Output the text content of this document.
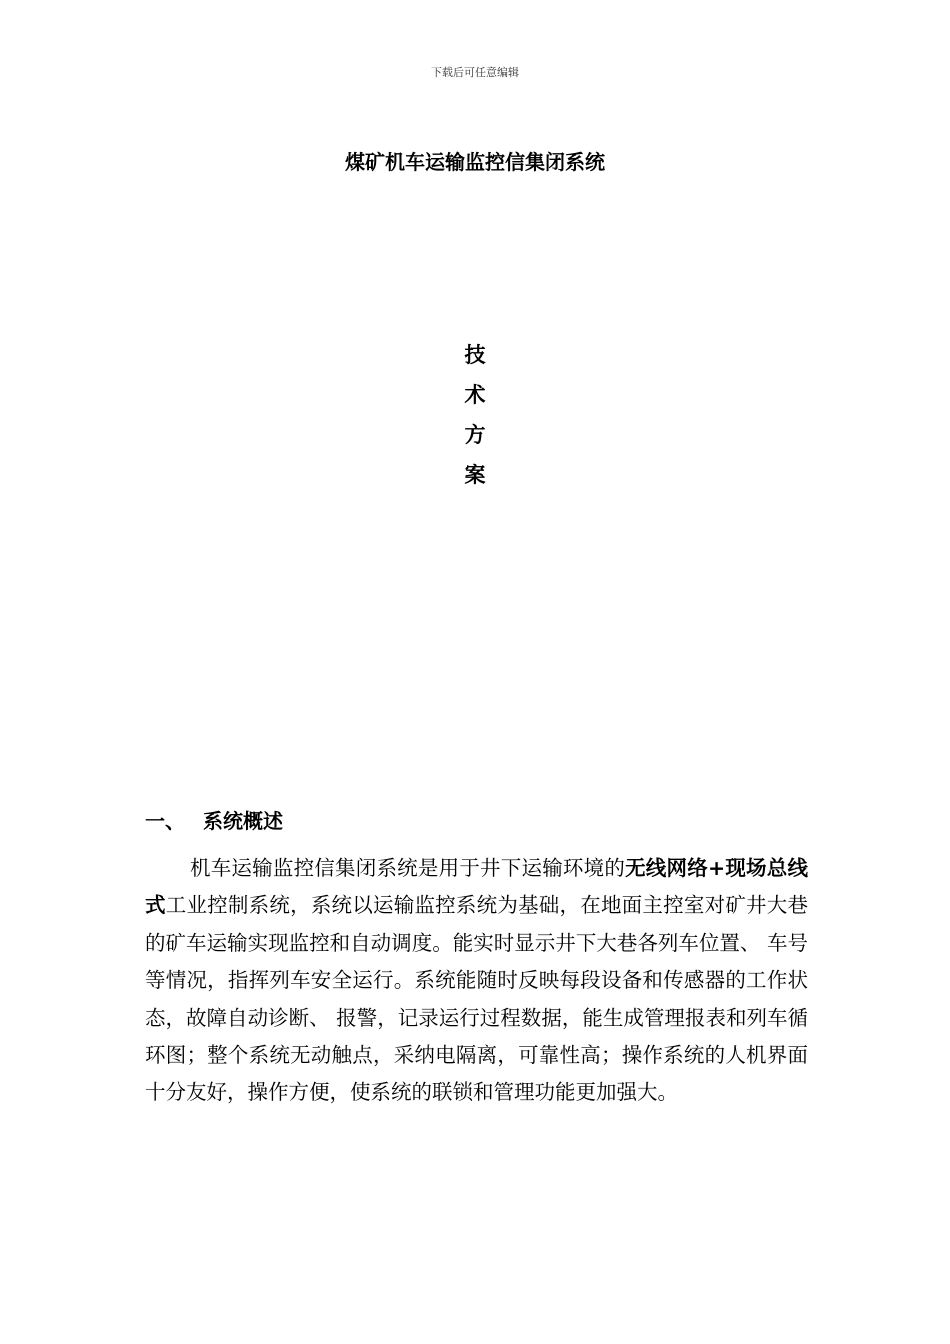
下载后可任意编辑
煤矿机车运输监控信集闭系统
技
术
方
案
一、 系统概述
机车运输监控信集闭系统是用于井下运输环境的无线网络+现场总线式工业控制系统，系统以运输监控系统为基础，在地面主控室对矿井大巷的矿车运输实现监控和自动调度。能实时显示井下大巷各列车位置、 车号等情况，指挥列车安全运行。系统能随时反映每段设备和传感器的工作状态，故障自动诊断、 报警，记录运行过程数据，能生成管理报表和列车循环图；整个系统无动触点，采纳电隔离，可靠性高；操作系统的人机界面十分友好，操作方便，使系统的联锁和管理功能更加强大。
